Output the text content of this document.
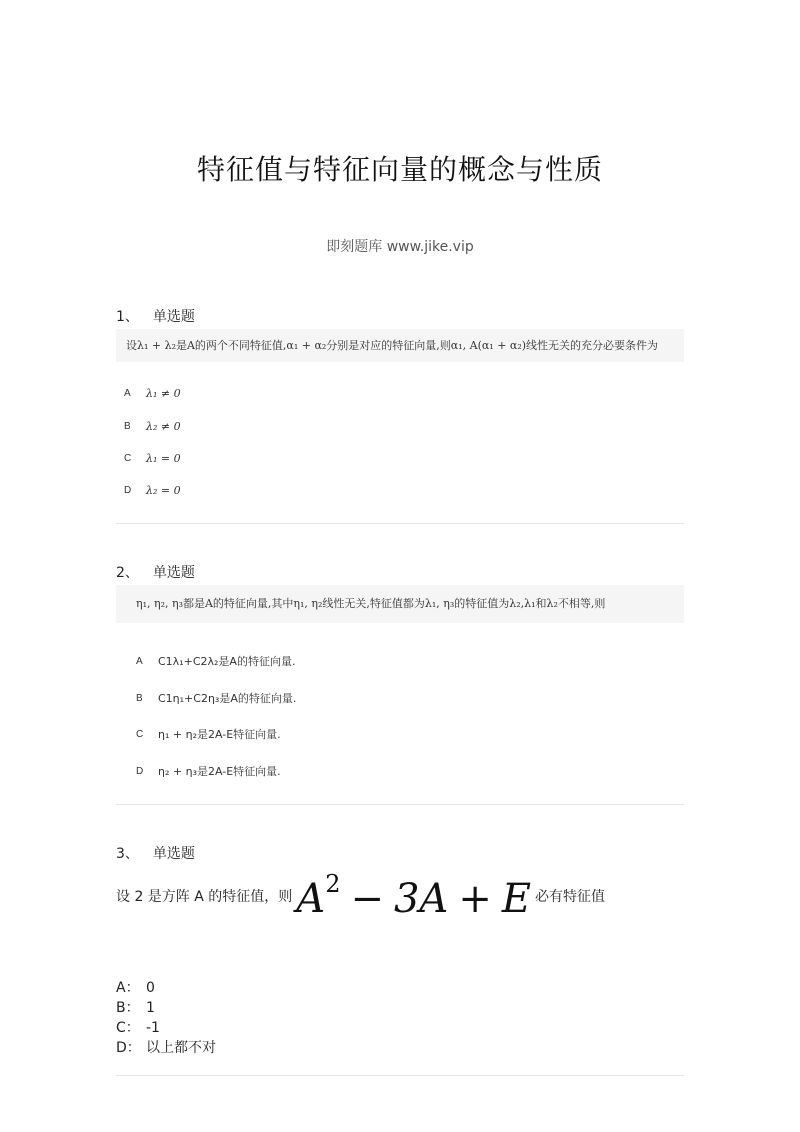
特征值与特征向量的概念与性质
即刻题库 www.jike.vip
1、 单选题
设λ₁ + λ₂是A的两个不同特征值,α₁ + α₂分别是对应的特征向量,则α₁, A(α₁ + α₂)线性无关的充分必要条件为
A	λ₁ ≠ 0
B	λ₂ ≠ 0
C	λ₁ = 0
D	λ₂ = 0
2、 单选题
η₁, η₂, η₃都是A的特征向量,其中η₁, η₂线性无关,特征值都为λ₁, η₃的特征值为λ₂,λ₁和λ₂不相等,则
A	C1λ₁+C2λ₂是A的特征向量.
B	C1η₁+C2η₃是A的特征向量.
C	η₁ + η₂是2A-E特征向量.
D	η₂ + η₃是2A-E特征向量.
3、 单选题
设 2 是方阵 A 的特征值，则 $A^2 - 3A + E$ 必有特征值
A： 0
B： 1
C： -1
D： 以上都不对
